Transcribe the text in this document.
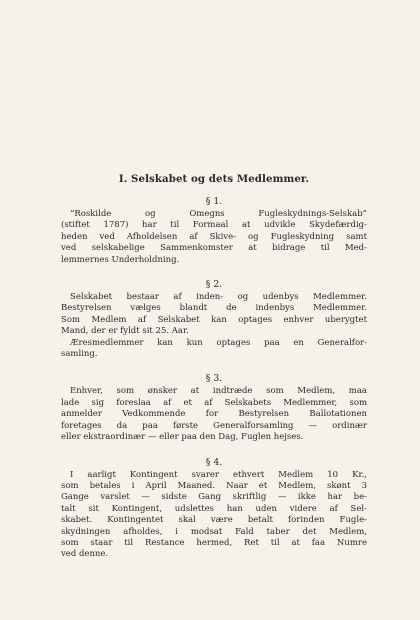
I. Selskabet og dets Medlemmer.
§ 1.

“Roskilde og Omegns Fugleskydnings-Selskab”
(stiftet 1787) har til Formaal at udvikle Skydefærdig-
heden ved Afholdelsen af Skive- og Fugleskydning samt
ved selskabelige Sammenkomster at bidrage til Med-
lemmernes Underholdning.

§ 2.

Selskabet bestaar af inden- og udenbys Medlemmer.
Bestyrelsen vælges blandt de indenbys Medlemmer.
Som Medlem af Selskabet kan optages enhver uberygtet
Mand, der er fyldt sit 25. Aar.

Æresmedlemmer kan kun optages paa en Generalfor-
samling.

§ 3.

Enhver, som ønsker at indtræde som Medlem, maa
lade sig foreslaa af et af Selskabets Medlemmer, som
anmelder Vedkommende for Bestyrelsen Ballotationen
foretages da paa første Generalforsamling — ordinær
eller ekstraordinær — eller paa den Dag, Fuglen hejses.

§ 4.

I aarligt Kontingent svarer ethvert Medlem 10 Kr.,
som betales i April Maaned. Naar et Medlem, skønt 3
Gange varslet — sidste Gang skriftlig — ikke har be-
talt sit Kontingent, udslettes han uden videre af Sel-
skabet. Kontingentet skal være betalt forinden Fugle-
skydningen afholdes, i modsat Fald taber det Medlem,
som staar til Restance hermed, Ret til at faa Numre
ved denne.
